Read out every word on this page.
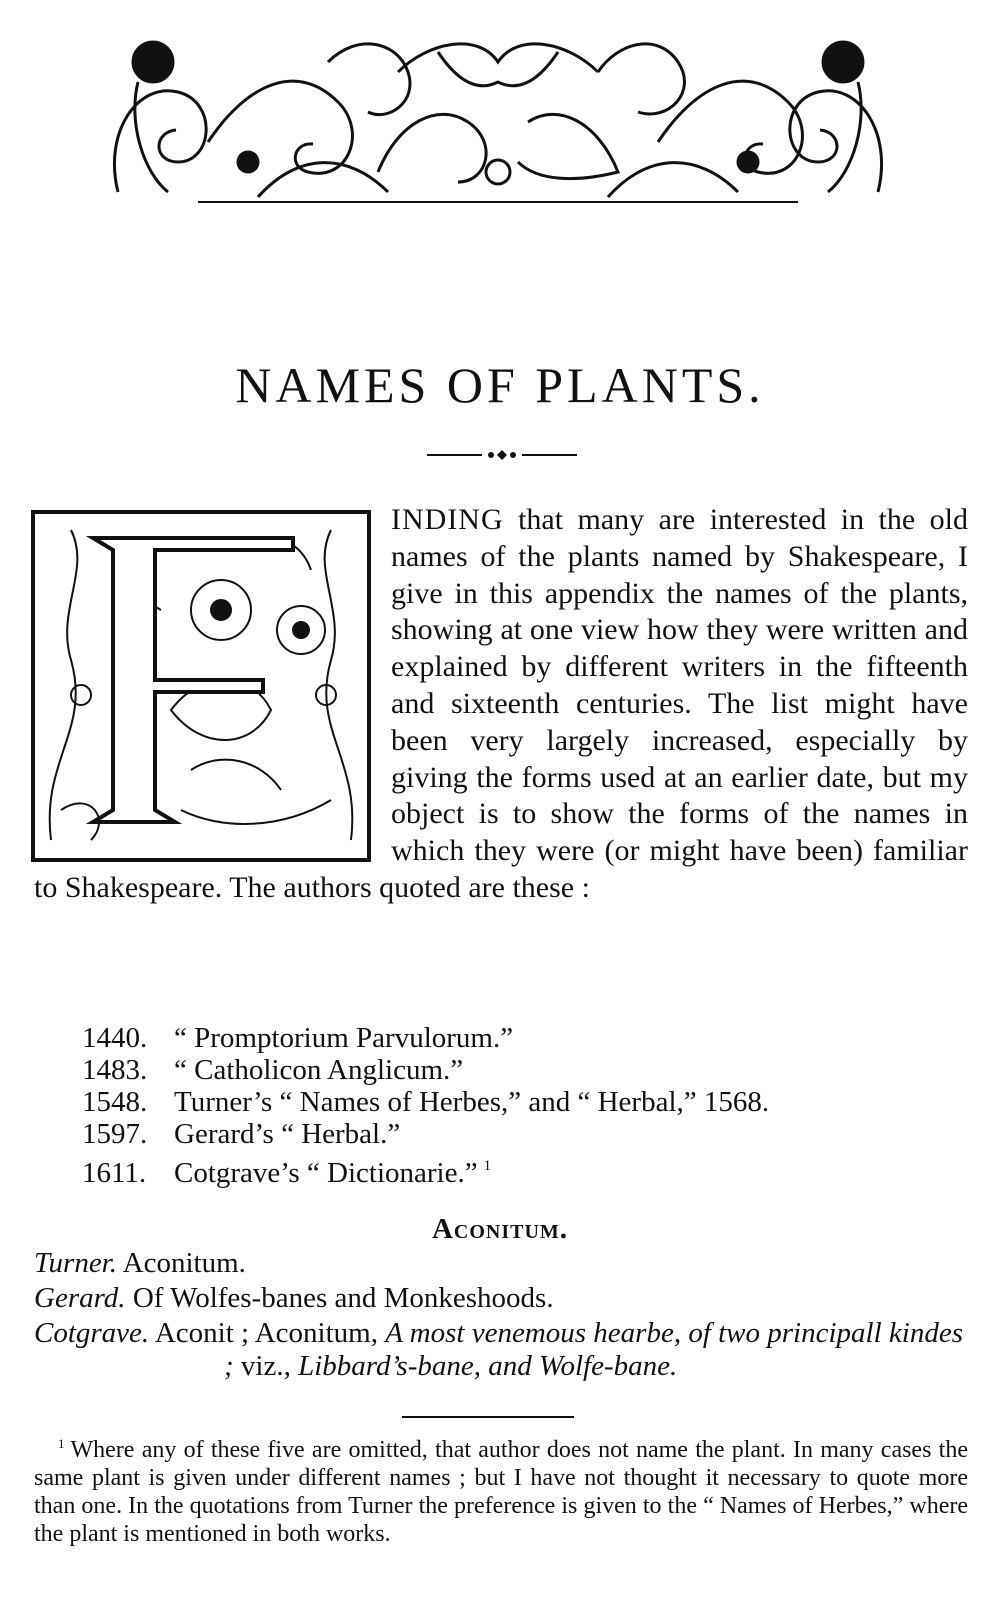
NAMES OF PLANTS.

INDING that many are interested in the old names of the plants named by Shakespeare, I give in this appendix the names of the plants, showing at one view how they were written and explained by different writers in the fifteenth and sixteenth centuries. The list might have been very largely increased, especially by giving the forms used at an earlier date, but my object is to show the forms of the names in which they were (or might have been) familiar to Shakespeare. The authors quoted are these :

1440. “ Promptorium Parvulorum.”
1483. “ Catholicon Anglicum.”
1548. Turner’s “ Names of Herbes,” and “ Herbal,” 1568.
1597. Gerard’s “ Herbal.”
1611. Cotgrave’s “ Dictionarie.” $^1$
Aconitum.

Turner. Aconitum.

Gerard. Of Wolfes-banes and Monkeshoods.

Cotgrave. Aconit ; Aconitum, A most venemous hearbe, of two principall kindes ; viz., Libbard’s-bane, and Wolfe-bane.

$^1$ Where any of these five are omitted, that author does not name the plant. In many cases the same plant is given under different names ; but I have not thought it necessary to quote more than one. In the quotations from Turner the preference is given to the “ Names of Herbes,” where the plant is mentioned in both works.
